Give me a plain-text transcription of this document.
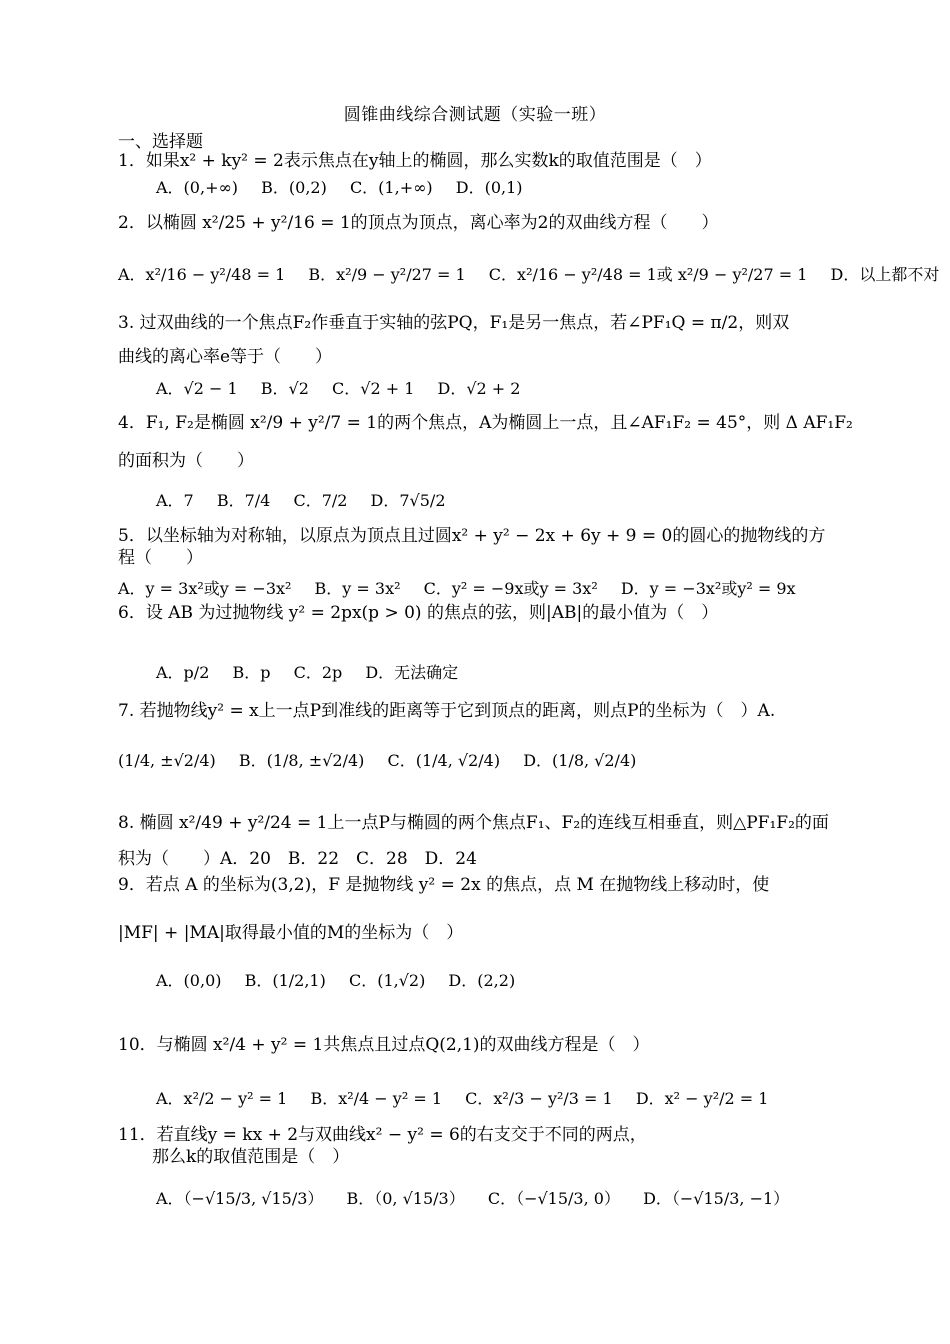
圆锥曲线综合测试题（实验一班）
一、选择题
1．如果x² + ky² = 2表示焦点在y轴上的椭圆，那么实数k的取值范围是（　）
A．(0,+∞) B．(0,2) C．(1,+∞) D．(0,1)
2．以椭圆 x²/25 + y²/16 = 1的顶点为顶点，离心率为2的双曲线方程（　　）
A．x²/16 − y²/48 = 1 B．x²/9 − y²/27 = 1 C．x²/16 − y²/48 = 1或 x²/9 − y²/27 = 1 D．以上都不对
3. 过双曲线的一个焦点F₂作垂直于实轴的弦PQ，F₁是另一焦点，若∠PF₁Q = π/2，则双
曲线的离心率e等于（　　）
A．√2 − 1 B．√2 C．√2 + 1 D．√2 + 2
4．F₁, F₂是椭圆 x²/9 + y²/7 = 1的两个焦点，A为椭圆上一点，且∠AF₁F₂ = 45°，则 Δ AF₁F₂
的面积为（　　）
A．7 B．7/4 C．7/2 D．7√5/2
5．以坐标轴为对称轴，以原点为顶点且过圆x² + y² − 2x + 6y + 9 = 0的圆心的抛物线的方
程（　　）
A．y = 3x²或y = −3x² B．y = 3x² C．y² = −9x或y = 3x² D．y = −3x²或y² = 9x
6．设 AB 为过抛物线 y² = 2px(p > 0) 的焦点的弦，则|AB|的最小值为（　）
A．p/2 B．p C．2p D．无法确定
7. 若抛物线y² = x上一点P到准线的距离等于它到顶点的距离，则点P的坐标为（　）A.
(1/4, ±√2/4) B．(1/8, ±√2/4) C．(1/4, √2/4) D．(1/8, √2/4)
8. 椭圆 x²/49 + y²/24 = 1上一点P与椭圆的两个焦点F₁、F₂的连线互相垂直，则△PF₁F₂的面
积为（　　）A．20　B．22　C．28　D．24
9．若点 A 的坐标为(3,2)，F 是抛物线 y² = 2x 的焦点，点 M 在抛物线上移动时，使
|MF| + |MA|取得最小值的M的坐标为（　）
A．(0,0) B．(1/2,1) C．(1,√2) D．(2,2)
10．与椭圆 x²/4 + y² = 1共焦点且过点Q(2,1)的双曲线方程是（　）
A．x²/2 − y² = 1 B．x²/4 − y² = 1 C．x²/3 − y²/3 = 1 D．x² − y²/2 = 1
11．若直线y = kx + 2与双曲线x² − y² = 6的右支交于不同的两点，
　　那么k的取值范围是（　）
A．（−√15/3, √15/3） B．（0, √15/3） C．（−√15/3, 0） D．（−√15/3, −1）
